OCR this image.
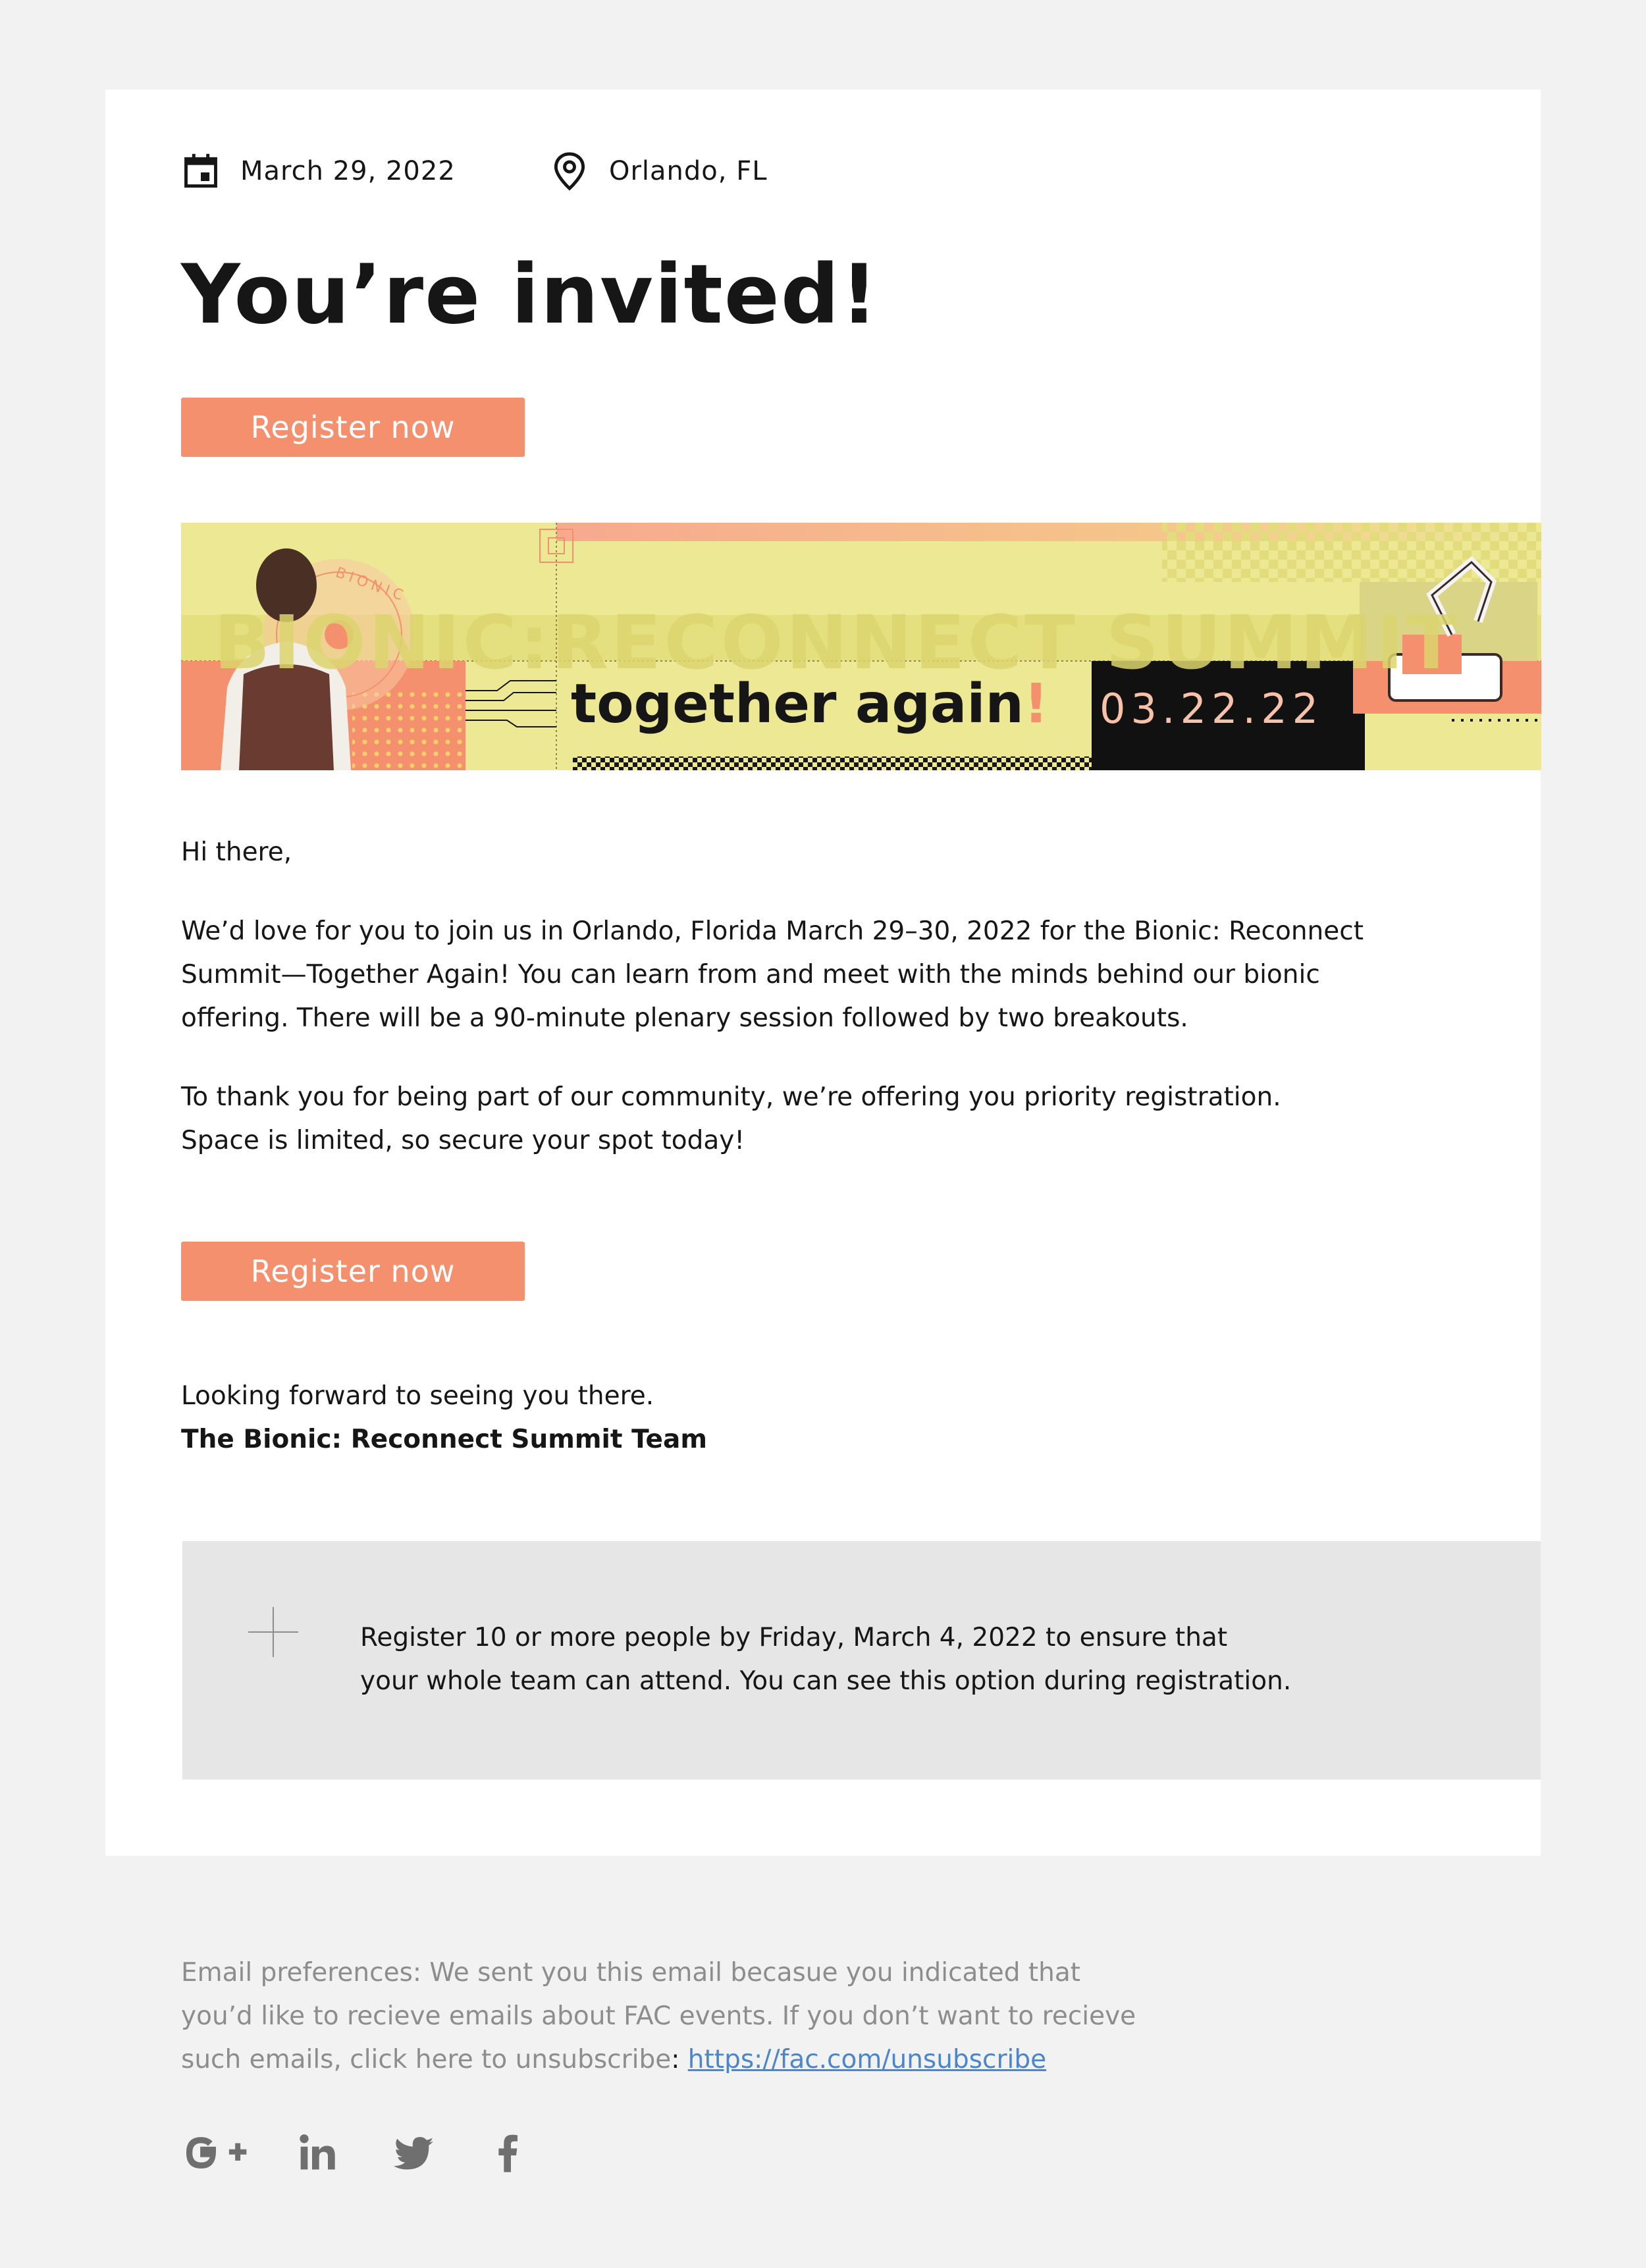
March 29, 2022	Orlando, FL
You’re invited!
Register now
BIONIC:RECONNECT SUMMIT
BIONIC
together again! 03.22.22
Hi there,

We’d love for you to join us in Orlando, Florida March 29–30, 2022 for the Bionic: Reconnect

Summit—Together Again! You can learn from and meet with the minds behind our bionic

offering. There will be a 90-minute plenary session followed by two breakouts.

To thank you for being part of our community, we’re offering you priority registration.

Space is limited, so secure your spot today!

Register now

Looking forward to seeing you there.

The Bionic: Reconnect Summit Team

Register 10 or more people by Friday, March 4, 2022 to ensure that
your whole team can attend. You can see this option during registration.
Email preferences: We sent you this email becasue you indicated that
you’d like to recieve emails about FAC events. If you don’t want to recieve
such emails, click here to unsubscribe: https://fac.com/unsubscribe
